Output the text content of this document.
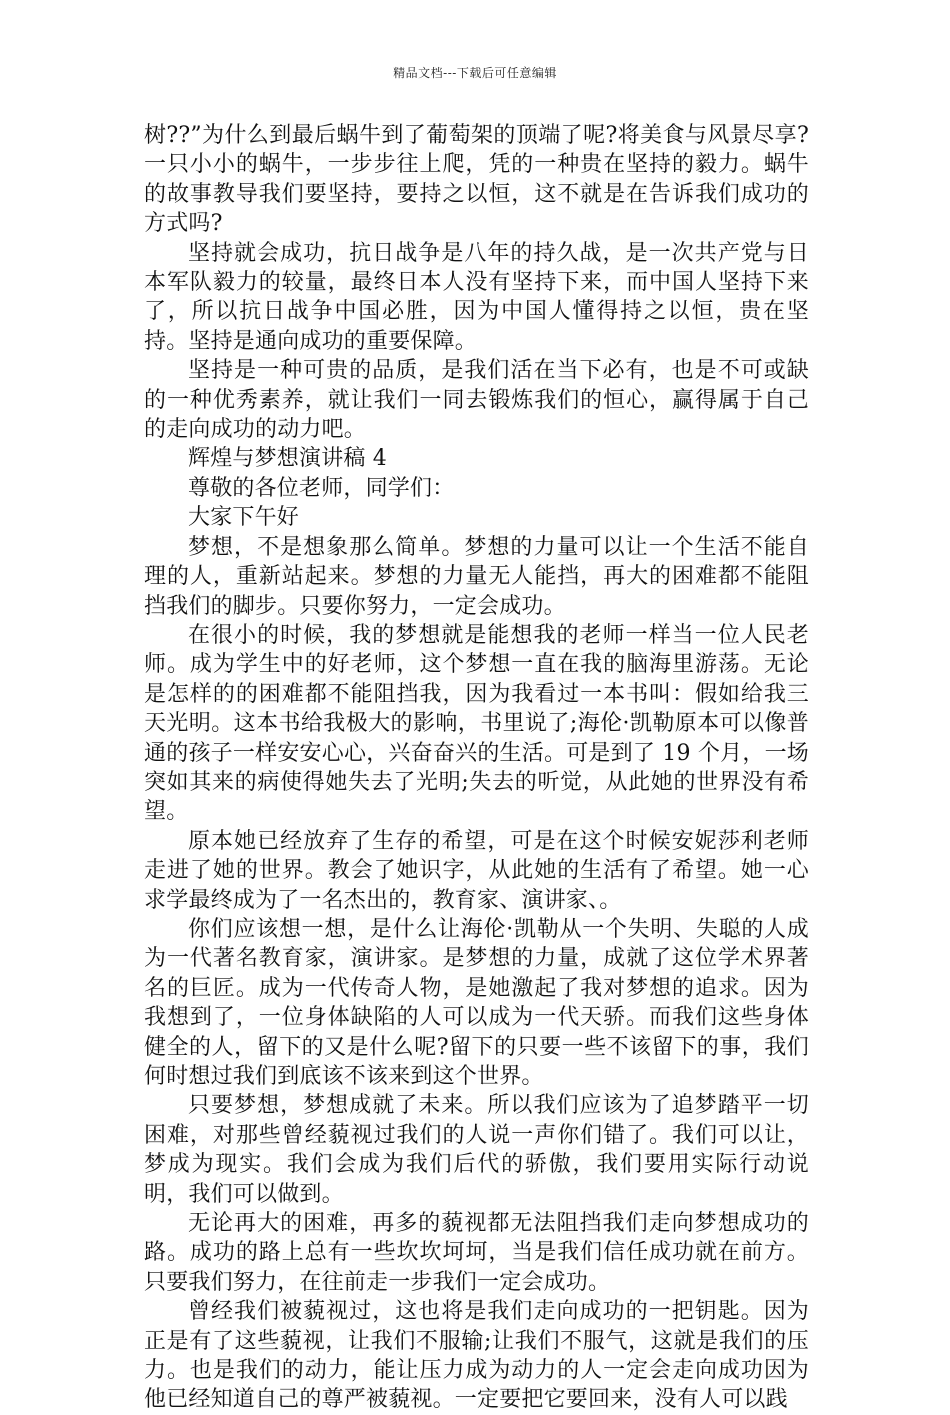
精品文档---下载后可任意编辑

树??”为什么到最后蜗牛到了葡萄架的顶端了呢?将美食与风景尽享?一只小小的蜗牛，一步步往上爬，凭的一种贵在坚持的毅力。蜗牛的故事教导我们要坚持，要持之以恒，这不就是在告诉我们成功的方式吗?

坚持就会成功，抗日战争是八年的持久战，是一次共产党与日本军队毅力的较量，最终日本人没有坚持下来，而中国人坚持下来了，所以抗日战争中国必胜，因为中国人懂得持之以恒，贵在坚持。坚持是通向成功的重要保障。

坚持是一种可贵的品质，是我们活在当下必有，也是不可或缺的一种优秀素养，就让我们一同去锻炼我们的恒心，赢得属于自己的走向成功的动力吧。

辉煌与梦想演讲稿 4

尊敬的各位老师，同学们：

大家下午好

梦想，不是想象那么简单。梦想的力量可以让一个生活不能自理的人，重新站起来。梦想的力量无人能挡，再大的困难都不能阻挡我们的脚步。只要你努力，一定会成功。

在很小的时候，我的梦想就是能想我的老师一样当一位人民老师。成为学生中的好老师，这个梦想一直在我的脑海里游荡。无论是怎样的的困难都不能阻挡我，因为我看过一本书叫：假如给我三天光明。这本书给我极大的影响，书里说了;海伦·凯勒原本可以像普通的孩子一样安安心心，兴奋奋兴的生活。可是到了 19 个月，一场突如其来的病使得她失去了光明;失去的听觉，从此她的世界没有希望。

原本她已经放弃了生存的希望，可是在这个时候安妮莎利老师走进了她的世界。教会了她识字，从此她的生活有了希望。她一心求学最终成为了一名杰出的，教育家、演讲家、。

你们应该想一想，是什么让海伦·凯勒从一个失明、失聪的人成为一代著名教育家，演讲家。是梦想的力量，成就了这位学术界著名的巨匠。成为一代传奇人物，是她激起了我对梦想的追求。因为我想到了，一位身体缺陷的人可以成为一代天骄。而我们这些身体健全的人，留下的又是什么呢?留下的只要一些不该留下的事，我们何时想过我们到底该不该来到这个世界。

只要梦想，梦想成就了未来。所以我们应该为了追梦踏平一切困难，对那些曾经藐视过我们的人说一声你们错了。我们可以让，梦成为现实。我们会成为我们后代的骄傲，我们要用实际行动说明，我们可以做到。

无论再大的困难，再多的藐视都无法阻挡我们走向梦想成功的路。成功的路上总有一些坎坎坷坷，当是我们信任成功就在前方。只要我们努力，在往前走一步我们一定会成功。

曾经我们被藐视过，这也将是我们走向成功的一把钥匙。因为正是有了这些藐视，让我们不服输;让我们不服气，这就是我们的压力。也是我们的动力，能让压力成为动力的人一定会走向成功因为他已经知道自己的尊严被藐视。一定要把它要回来，没有人可以践
